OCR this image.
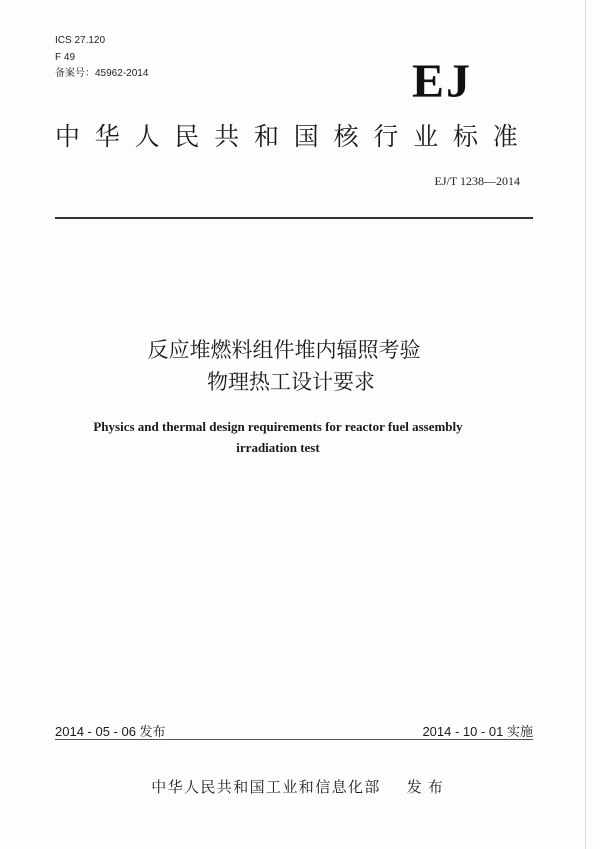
ICS 27.120
F 49
备案号：45962-2014	EJ
中华人民共和国核行业标准
EJ/T 1238—2014
反应堆燃料组件堆内辐照考验
物理热工设计要求
Physics and thermal design requirements for reactor fuel assembly
irradiation test
2014 - 05 - 06 发布	2014 - 10 - 01 实施
中华人民共和国工业和信息化部 发布
